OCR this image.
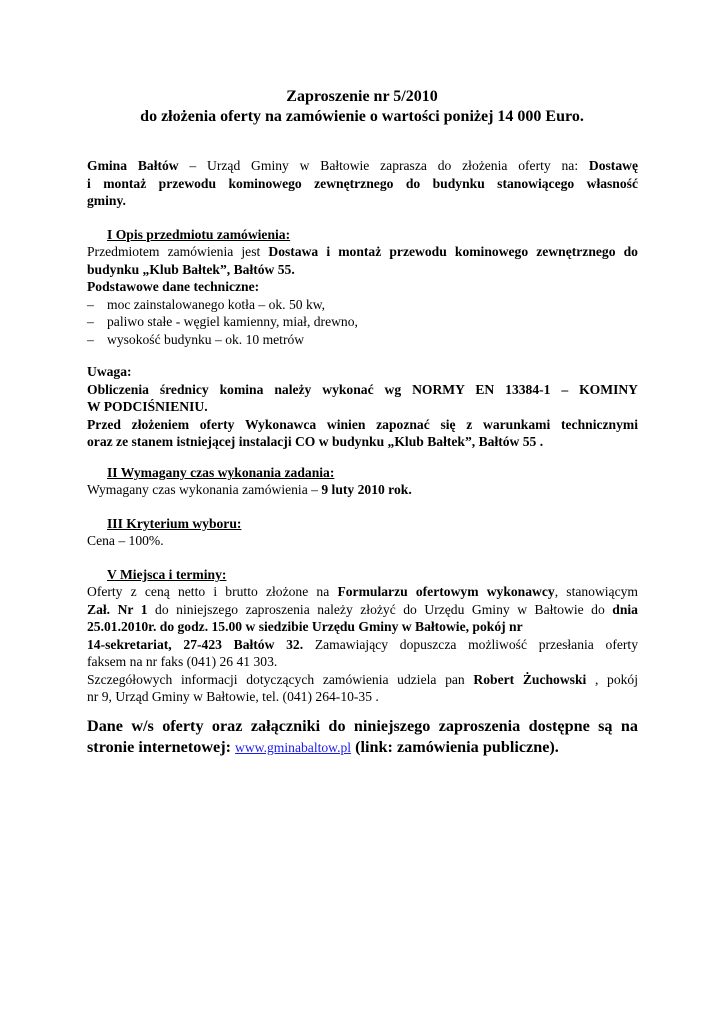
Zaproszenie nr 5/2010
do złożenia oferty na zamówienie o wartości poniżej 14 000 Euro.
Gmina Bałtów – Urząd Gminy w Bałtowie zaprasza do złożenia oferty na: Dostawę
i montaż przewodu kominowego zewnętrznego do budynku stanowiącego własność
gminy.
I Opis przedmiotu zamówienia:
Przedmiotem zamówienia jest Dostawa i montaż przewodu kominowego zewnętrznego do
budynku „Klub Bałtek”, Bałtów 55.
Podstawowe dane techniczne:
– moc zainstalowanego kotła – ok. 50 kw,
– paliwo stałe - węgiel kamienny, miał, drewno,
– wysokość budynku – ok. 10 metrów
Uwaga:
Obliczenia średnicy komina należy wykonać wg NORMY EN 13384-1 – KOMINY
W PODCIŚNIENIU.
Przed złożeniem oferty Wykonawca winien zapoznać się z warunkami technicznymi
oraz ze stanem istniejącej instalacji CO w budynku „Klub Bałtek”, Bałtów 55 .
II Wymagany czas wykonania zadania:
Wymagany czas wykonania zamówienia – 9 luty 2010 rok.
III Kryterium wyboru:
Cena – 100%.
V Miejsca i terminy:
Oferty z ceną netto i brutto złożone na Formularzu ofertowym wykonawcy, stanowiącym
Zał. Nr 1 do niniejszego zaproszenia należy złożyć do Urzędu Gminy w Bałtowie do dnia
25.01.2010r. do godz. 15.00 w siedzibie Urzędu Gminy w Bałtowie, pokój nr
14-sekretariat, 27-423 Bałtów 32. Zamawiający dopuszcza możliwość przesłania oferty
faksem na nr faks (041) 26 41 303.
Szczegółowych informacji dotyczących zamówienia udziela pan Robert Żuchowski , pokój
nr 9, Urząd Gminy w Bałtowie, tel. (041) 264-10-35 .
Dane w/s oferty oraz załączniki do niniejszego zaproszenia dostępne są na
stronie internetowej: www.gminabaltow.pl (link: zamówienia publiczne).
